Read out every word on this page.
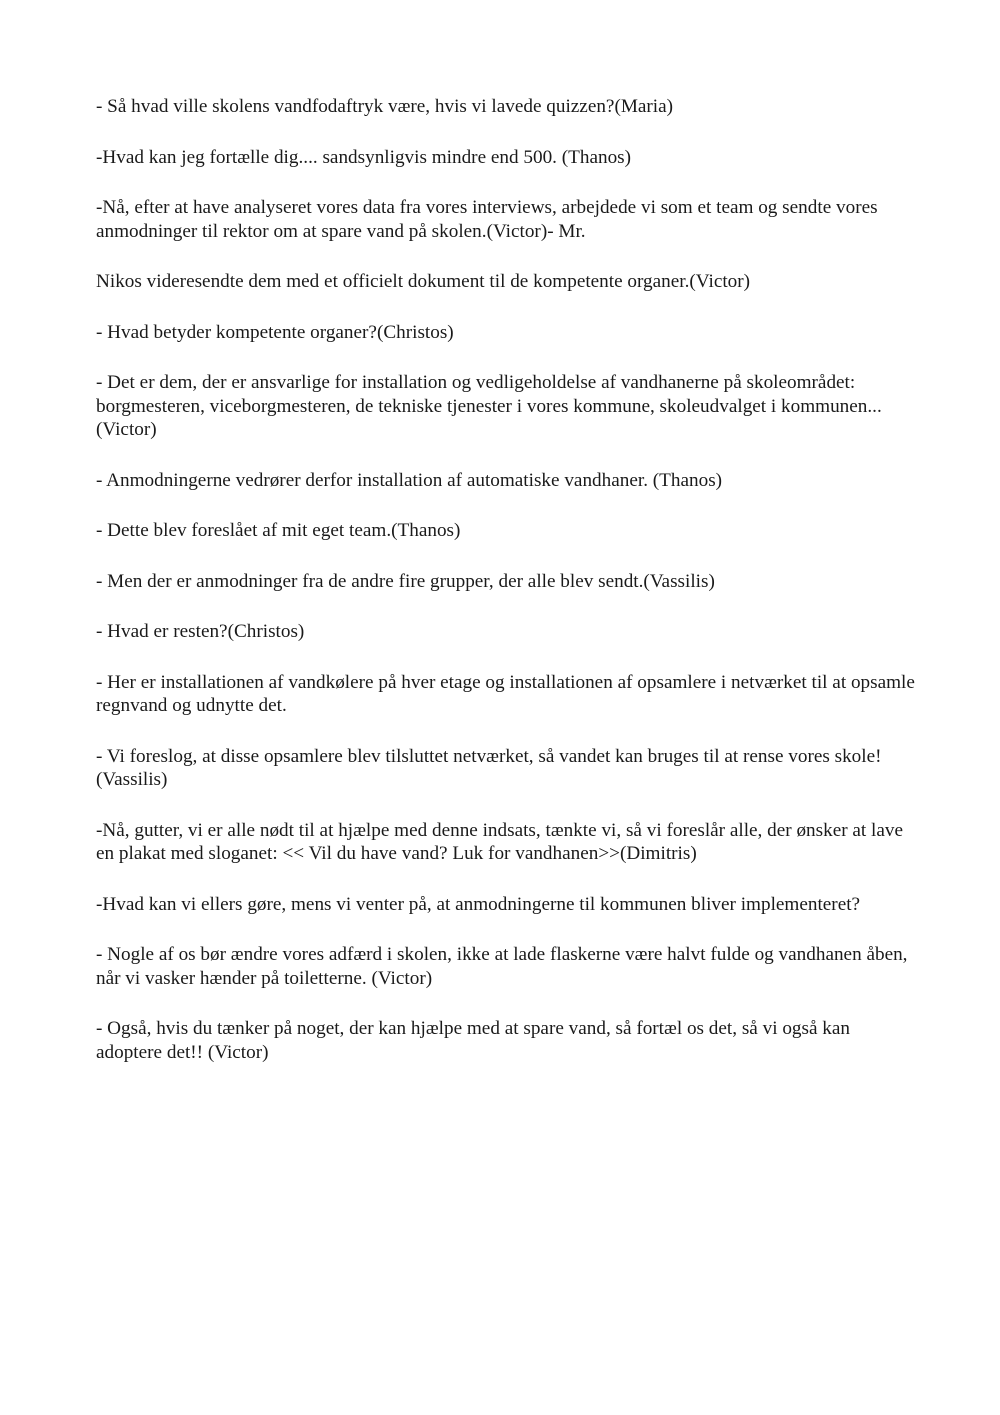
- Så hvad ville skolens vandfodaftryk være, hvis vi lavede quizzen?(Maria)

-Hvad kan jeg fortælle dig.... sandsynligvis mindre end 500. (Thanos)

-Nå, efter at have analyseret vores data fra vores interviews, arbejdede vi som et team og sendte vores anmodninger til rektor om at spare vand på skolen.(Victor)- Mr.

Nikos videresendte dem med et officielt dokument til de kompetente organer.(Victor)

- Hvad betyder kompetente organer?(Christos)

- Det er dem, der er ansvarlige for installation og vedligeholdelse af vandhanerne på skoleområdet: borgmesteren, viceborgmesteren, de tekniske tjenester i vores kommune, skoleudvalget i kommunen... (Victor)

- Anmodningerne vedrører derfor installation af automatiske vandhaner. (Thanos)

- Dette blev foreslået af mit eget team.(Thanos)

- Men der er anmodninger fra de andre fire grupper, der alle blev sendt.(Vassilis)

- Hvad er resten?(Christos)

- Her er installationen af vandkølere på hver etage og installationen af opsamlere i netværket til at opsamle regnvand og udnytte det.

- Vi foreslog, at disse opsamlere blev tilsluttet netværket, så vandet kan bruges til at rense vores skole! (Vassilis)

-Nå, gutter, vi er alle nødt til at hjælpe med denne indsats, tænkte vi, så vi foreslår alle, der ønsker at lave en plakat med sloganet: << Vil du have vand? Luk for vandhanen>>(Dimitris)

-Hvad kan vi ellers gøre, mens vi venter på, at anmodningerne til kommunen bliver implementeret?

- Nogle af os bør ændre vores adfærd i skolen, ikke at lade flaskerne være halvt fulde og vandhanen åben, når vi vasker hænder på toiletterne. (Victor)

- Også, hvis du tænker på noget, der kan hjælpe med at spare vand, så fortæl os det, så vi også kan adoptere det!! (Victor)
